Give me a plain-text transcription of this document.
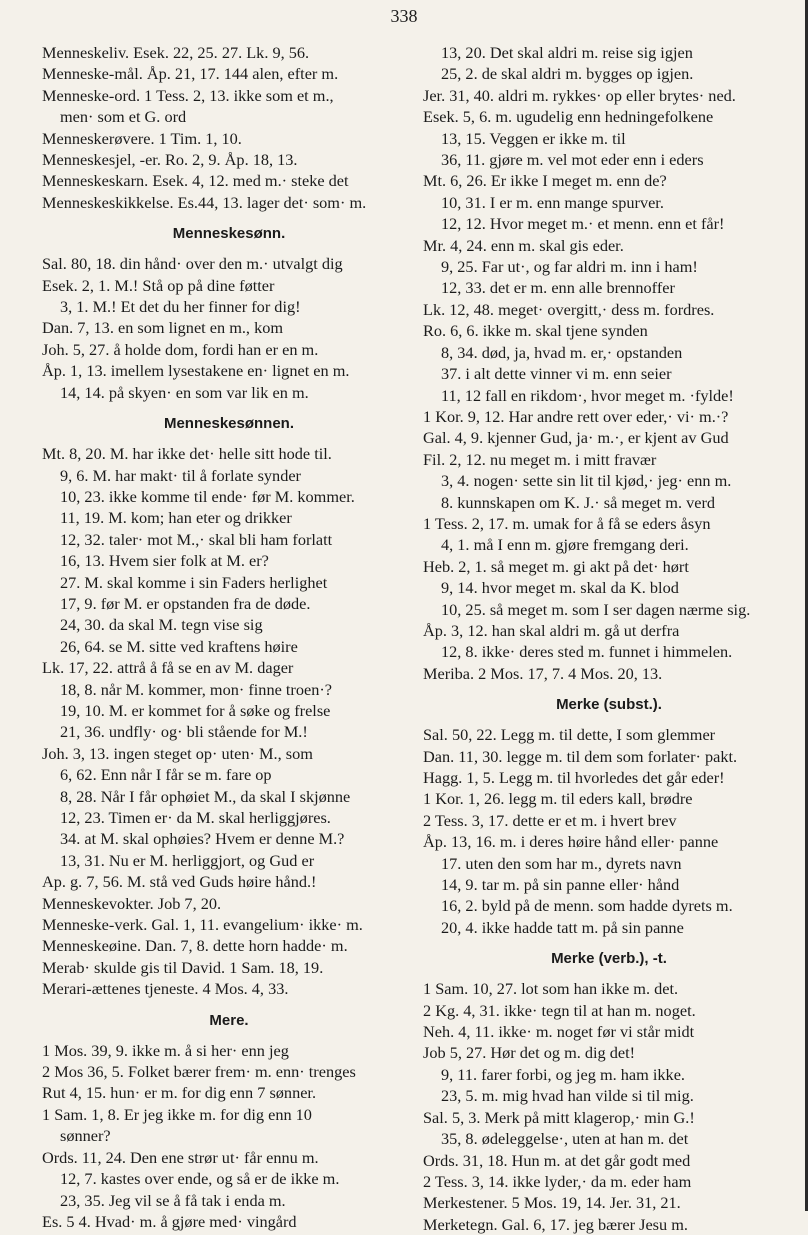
338

Menneskeliv. Esek. 22, 25. 27. Lk. 9, 56.

Menneske-mål. Åp. 21, 17. 144 alen, efter m.

Menneske-ord. 1 Tess. 2, 13. ikke som et m.,

men· som et G. ord

Menneskerøvere. 1 Tim. 1, 10.

Menneskesjel, -er. Ro. 2, 9. Åp. 18, 13.

Menneskeskarn. Esek. 4, 12. med m.· steke det

Menneskeskikkelse. Es.44, 13. lager det· som· m.

Menneskesønn.

Sal. 80, 18. din hånd· over den m.· utvalgt dig

Esek. 2, 1. M.! Stå op på dine føtter

3, 1. M.! Et det du her finner for dig!

Dan. 7, 13. en som lignet en m., kom

Joh. 5, 27. å holde dom, fordi han er en m.

Åp. 1, 13. imellem lysestakene en· lignet en m.

14, 14. på skyen· en som var lik en m.

Menneskesønnen.

Mt. 8, 20. M. har ikke det· helle sitt hode til.

9, 6. M. har makt· til å forlate synder

10, 23. ikke komme til ende· før M. kommer.

11, 19. M. kom; han eter og drikker

12, 32. taler· mot M.,· skal bli ham forlatt

16, 13. Hvem sier folk at M. er?

27. M. skal komme i sin Faders herlighet

17, 9. før M. er opstanden fra de døde.

24, 30. da skal M. tegn vise sig

26, 64. se M. sitte ved kraftens høire

Lk. 17, 22. attrå å få se en av M. dager

18, 8. når M. kommer, mon· finne troen·?

19, 10. M. er kommet for å søke og frelse

21, 36. undfly· og· bli stående for M.!

Joh. 3, 13. ingen steget op· uten· M., som

6, 62. Enn når I får se m. fare op

8, 28. Når I får ophøiet M., da skal I skjønne

12, 23. Timen er· da M. skal herliggjøres.

34. at M. skal ophøies? Hvem er denne M.?

13, 31. Nu er M. herliggjort, og Gud er

Ap. g. 7, 56. M. stå ved Guds høire hånd.!

Menneskevokter. Job 7, 20.

Menneske-verk. Gal. 1, 11. evangelium· ikke· m.

Menneskeøine. Dan. 7, 8. dette horn hadde· m.

Merab· skulde gis til David. 1 Sam. 18, 19.

Merari-ættenes tjeneste. 4 Mos. 4, 33.

Mere.

1 Mos. 39, 9. ikke m. å si her· enn jeg

2 Mos 36, 5. Folket bærer frem· m. enn· trenges

Rut 4, 15. hun· er m. for dig enn 7 sønner.

1 Sam. 1, 8. Er jeg ikke m. for dig enn 10

sønner?

Ords. 11, 24. Den ene strør ut· får ennu m.

12, 7. kastes over ende, og så er de ikke m.

23, 35. Jeg vil se å få tak i enda m.

Es. 5 4. Hvad· m. å gjøre med· vingård

13, 20. Det skal aldri m. reise sig igjen

25, 2. de skal aldri m. bygges op igjen.

Jer. 31, 40. aldri m. rykkes· op eller brytes· ned.

Esek. 5, 6. m. ugudelig enn hedningefolkene

13, 15. Veggen er ikke m. til

36, 11. gjøre m. vel mot eder enn i eders

Mt. 6, 26. Er ikke I meget m. enn de?

10, 31. I er m. enn mange spurver.

12, 12. Hvor meget m.· et menn. enn et får!

Mr. 4, 24. enn m. skal gis eder.

9, 25. Far ut·, og far aldri m. inn i ham!

12, 33. det er m. enn alle brennoffer

Lk. 12, 48. meget· overgitt,· dess m. fordres.

Ro. 6, 6. ikke m. skal tjene synden

8, 34. død, ja, hvad m. er,· opstanden

37. i alt dette vinner vi m. enn seier

11, 12 fall en rikdom·, hvor meget m. ·fylde!

1 Kor. 9, 12. Har andre rett over eder,· vi· m.·?

Gal. 4, 9. kjenner Gud, ja· m.·, er kjent av Gud

Fil. 2, 12. nu meget m. i mitt fravær

3, 4. nogen· sette sin lit til kjød,· jeg· enn m.

8. kunnskapen om K. J.· så meget m. verd

1 Tess. 2, 17. m. umak for å få se eders åsyn

4, 1. må I enn m. gjøre fremgang deri.

Heb. 2, 1. så meget m. gi akt på det· hørt

9, 14. hvor meget m. skal da K. blod

10, 25. så meget m. som I ser dagen nærme sig.

Åp. 3, 12. han skal aldri m. gå ut derfra

12, 8. ikke· deres sted m. funnet i himmelen.

Meriba. 2 Mos. 17, 7. 4 Mos. 20, 13.

Merke (subst.).

Sal. 50, 22. Legg m. til dette, I som glemmer

Dan. 11, 30. legge m. til dem som forlater· pakt.

Hagg. 1, 5. Legg m. til hvorledes det går eder!

1 Kor. 1, 26. legg m. til eders kall, brødre

2 Tess. 3, 17. dette er et m. i hvert brev

Åp. 13, 16. m. i deres høire hånd eller· panne

17. uten den som har m., dyrets navn

14, 9. tar m. på sin panne eller· hånd

16, 2. byld på de menn. som hadde dyrets m.

20, 4. ikke hadde tatt m. på sin panne

Merke (verb.), -t.

1 Sam. 10, 27. lot som han ikke m. det.

2 Kg. 4, 31. ikke· tegn til at han m. noget.

Neh. 4, 11. ikke· m. noget før vi står midt

Job 5, 27. Hør det og m. dig det!

9, 11. farer forbi, og jeg m. ham ikke.

23, 5. m. mig hvad han vilde si til mig.

Sal. 5, 3. Merk på mitt klagerop,· min G.!

35, 8. ødeleggelse·, uten at han m. det

Ords. 31, 18. Hun m. at det går godt med

2 Tess. 3, 14. ikke lyder,· da m. eder ham

Merkestener. 5 Mos. 19, 14. Jer. 31, 21.

Merketegn. Gal. 6, 17. jeg bærer Jesu m.
